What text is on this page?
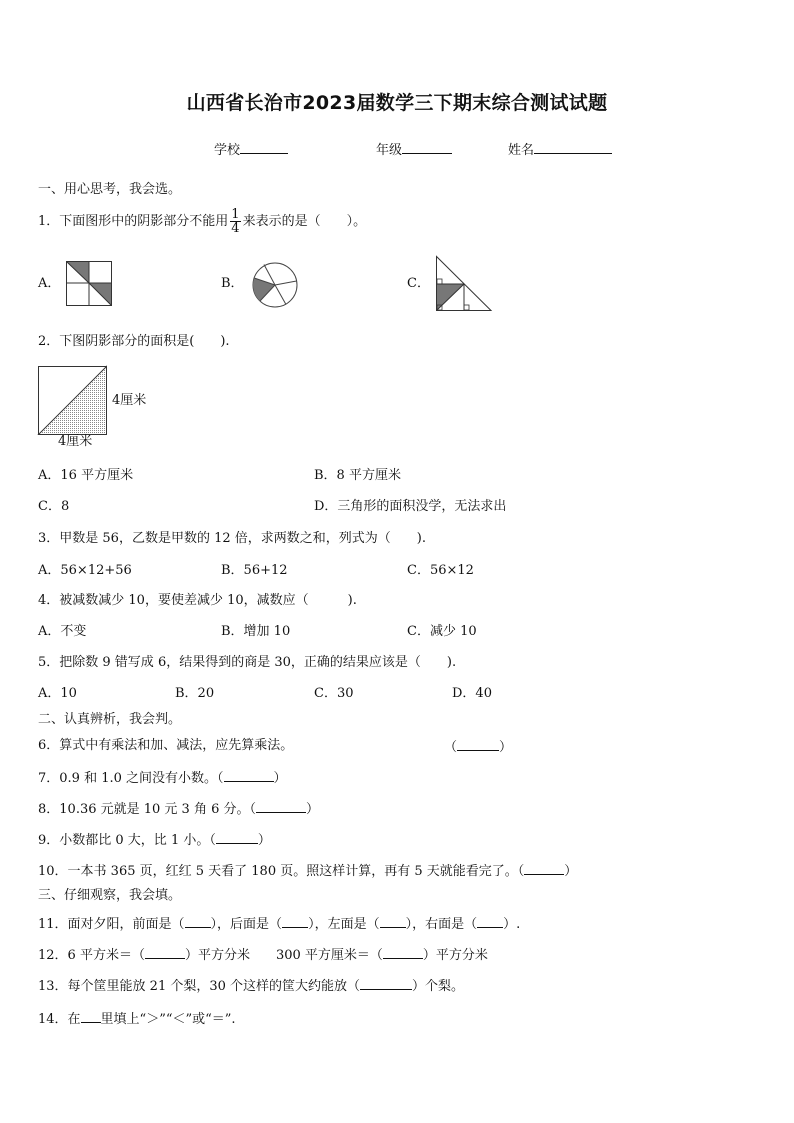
山西省长治市2023届数学三下期末综合测试试题
学校	年级	姓名
一、用心思考，我会选。
1．下面图形中的阴影部分不能用 $\frac{1}{4}$ 来表示的是（　　）。
A．	B．	C．
2．下图阴影部分的面积是(　　).
4厘米
4厘米
A．16 平方厘米	B．8 平方厘米
C．8	D．三角形的面积没学，无法求出
3．甲数是 56，乙数是甲数的 12 倍，求两数之和，列式为（　　).
A．56×12+56	B．56+12	C．56×12
4．被减数减少 10，要使差减少 10，减数应（　　　).
A．不变	B．增加 10	C．减少 10
5．把除数 9 错写成 6，结果得到的商是 30，正确的结果应该是（　　).
A．10	B．20	C．30	D．40
二、认真辨析，我会判。
6．算式中有乘法和加、减法，应先算乘法。	（	）
7．0.9 和 1.0 之间没有小数。（	）
8．10.36 元就是 10 元 3 角 6 分。（	）
9．小数都比 0 大，比 1 小。（	）
10．一本书 365 页，红红 5 天看了 180 页。照这样计算，再有 5 天就能看完了。（	）
三、仔细观察，我会填。
11．面对夕阳，前面是（ ），后面是（ ），左面是（ ），右面是（ ）.
12．6 平方米＝（	）平方分米 300 平方厘米＝（	）平方分米
13．每个筐里能放 21 个梨，30 个这样的筐大约能放（	）个梨。
14．在 里填上“＞”“＜”或“＝”.
